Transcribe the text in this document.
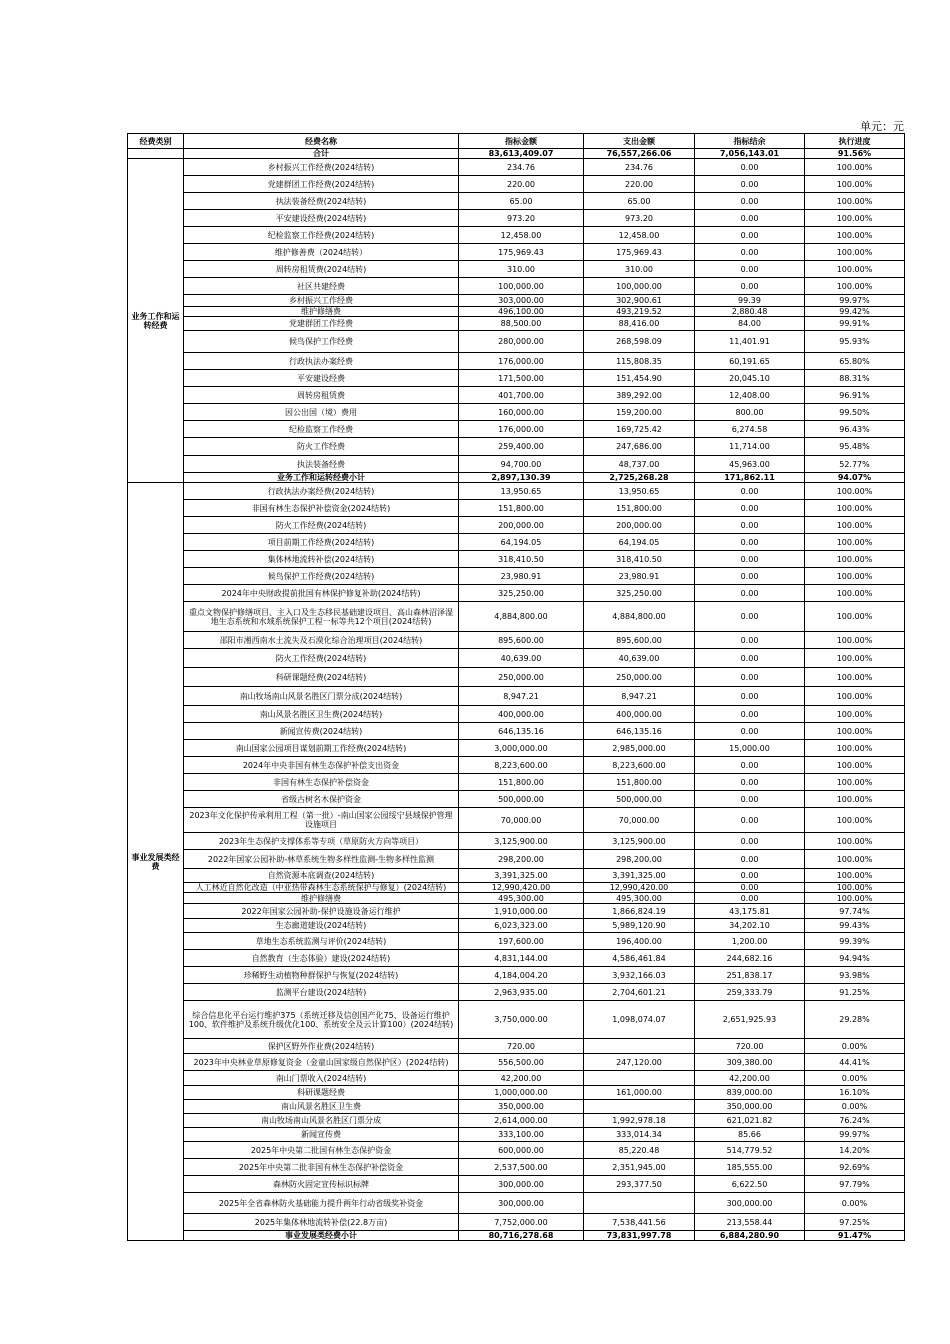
单元：元
经费类别	经费名称	指标金额	支出金额	指标结余	执行进度
	合计	83,613,409.07	76,557,266.06	7,056,143.01	91.56%
业务工作和运转经费	乡村振兴工作经费(2024结转)	234.76	234.76	0.00	100.00%
	党建群团工作经费(2024结转)	220.00	220.00	0.00	100.00%
	执法装备经费(2024结转)	65.00	65.00	0.00	100.00%
	平安建设经费(2024结转)	973.20	973.20	0.00	100.00%
	纪检监察工作经费(2024结转)	12,458.00	12,458.00	0.00	100.00%
	维护修善费（2024结转）	175,969.43	175,969.43	0.00	100.00%
	周转房租赁费(2024结转)	310.00	310.00	0.00	100.00%
	社区共建经费	100,000.00	100,000.00	0.00	100.00%
	乡村振兴工作经费	303,000.00	302,900.61	99.39	99.97%
	维护修缮费	496,100.00	493,219.52	2,880.48	99.42%
	党建群团工作经费	88,500.00	88,416.00	84.00	99.91%
	候鸟保护工作经费	280,000.00	268,598.09	11,401.91	95.93%
	行政执法办案经费	176,000.00	115,808.35	60,191.65	65.80%
	平安建设经费	171,500.00	151,454.90	20,045.10	88.31%
	周转房租赁费	401,700.00	389,292.00	12,408.00	96.91%
	因公出国（境）费用	160,000.00	159,200.00	800.00	99.50%
	纪检监察工作经费	176,000.00	169,725.42	6,274.58	96.43%
	防火工作经费	259,400.00	247,686.00	11,714.00	95.48%
	执法装备经费	94,700.00	48,737.00	45,963.00	52.77%
	业务工作和运转经费小计	2,897,130.39	2,725,268.28	171,862.11	94.07%
事业发展类经费	行政执法办案经费(2024结转)	13,950.65	13,950.65	0.00	100.00%
	非国有林生态保护补偿资金(2024结转)	151,800.00	151,800.00	0.00	100.00%
	防火工作经费(2024结转)	200,000.00	200,000.00	0.00	100.00%
	项目前期工作经费(2024结转)	64,194.05	64,194.05	0.00	100.00%
	集体林地流转补偿(2024结转)	318,410.50	318,410.50	0.00	100.00%
	候鸟保护工作经费(2024结转)	23,980.91	23,980.91	0.00	100.00%
	2024年中央财政提前批国有林保护修复补助(2024结转)	325,250.00	325,250.00	0.00	100.00%
	重点文物保护修缮项目、主入口及生态移民基础建设项目、高山森林沼泽湿地生态系统和水域系统保护工程一标等共12个项目(2024结转)	4,884,800.00	4,884,800.00	0.00	100.00%
	邵阳市湘西南水土流失及石漠化综合治理项目(2024结转)	895,600.00	895,600.00	0.00	100.00%
	防火工作经费(2024结转)	40,639.00	40,639.00	0.00	100.00%
	科研课题经费(2024结转)	250,000.00	250,000.00	0.00	100.00%
	南山牧场南山风景名胜区门票分成(2024结转)	8,947.21	8,947.21	0.00	100.00%
	南山风景名胜区卫生费(2024结转)	400,000.00	400,000.00	0.00	100.00%
	新闻宣传费(2024结转)	646,135.16	646,135.16	0.00	100.00%
	南山国家公园项目谋划前期工作经费(2024结转)	3,000,000.00	2,985,000.00	15,000.00	100.00%
	2024年中央非国有林生态保护补偿支出资金	8,223,600.00	8,223,600.00	0.00	100.00%
	非国有林生态保护补偿资金	151,800.00	151,800.00	0.00	100.00%
	省级古树名木保护资金	500,000.00	500,000.00	0.00	100.00%
	2023年文化保护传承利用工程（第一批）-南山国家公园绥宁县域保护管理设施项目	70,000.00	70,000.00	0.00	100.00%
	2023年生态保护支撑体系等专项（草原防火方向等项目）	3,125,900.00	3,125,900.00	0.00	100.00%
	2022年国家公园补助-林草系统生物多样性监测-生物多样性监测	298,200.00	298,200.00	0.00	100.00%
	自然资源本底调查(2024结转)	3,391,325.00	3,391,325.00	0.00	100.00%
	人工林近自然化改造（中亚热带森林生态系统保护与修复）(2024结转)	12,990,420.00	12,990,420.00	0.00	100.00%
	维护修缮费	495,300.00	495,300.00	0.00	100.00%
	2022年国家公园补助-保护设施设备运行维护	1,910,000.00	1,866,824.19	43,175.81	97.74%
	生态廊道建设(2024结转)	6,023,323.00	5,989,120.90	34,202.10	99.43%
	草地生态系统监测与评价(2024结转)	197,600.00	196,400.00	1,200.00	99.39%
	自然教育（生态体验）建设(2024结转)	4,831,144.00	4,586,461.84	244,682.16	94.94%
	珍稀野生动植物种群保护与恢复(2024结转)	4,184,004.20	3,932,166.03	251,838.17	93.98%
	监测平台建设(2024结转)	2,963,935.00	2,704,601.21	259,333.79	91.25%
	综合信息化平台运行维护375（系统迁移及信创国产化75、设备运行维护100、软件维护及系统升级优化100、系统安全及云计算100）(2024结转)	3,750,000.00	1,098,074.07	2,651,925.93	29.28%
	保护区野外作业费(2024结转)	720.00		720.00	0.00%
	2023年中央林业草原修复资金（金童山国家级自然保护区）(2024结转)	556,500.00	247,120.00	309,380.00	44.41%
	南山门票收入(2024结转)	42,200.00		42,200.00	0.00%
	科研课题经费	1,000,000.00	161,000.00	839,000.00	16.10%
	南山风景名胜区卫生费	350,000.00		350,000.00	0.00%
	南山牧场南山风景名胜区门票分成	2,614,000.00	1,992,978.18	621,021.82	76.24%
	新闻宣传费	333,100.00	333,014.34	85.66	99.97%
	2025年中央第二批国有林生态保护资金	600,000.00	85,220.48	514,779.52	14.20%
	2025年中央第二批非国有林生态保护补偿资金	2,537,500.00	2,351,945.00	185,555.00	92.69%
	森林防火固定宣传标识标牌	300,000.00	293,377.50	6,622.50	97.79%
	2025年全省森林防火基础能力提升两年行动省级奖补资金	300,000.00		300,000.00	0.00%
	2025年集体林地流转补偿(22.8万亩)	7,752,000.00	7,538,441.56	213,558.44	97.25%
	事业发展类经费小计	80,716,278.68	73,831,997.78	6,884,280.90	91.47%
